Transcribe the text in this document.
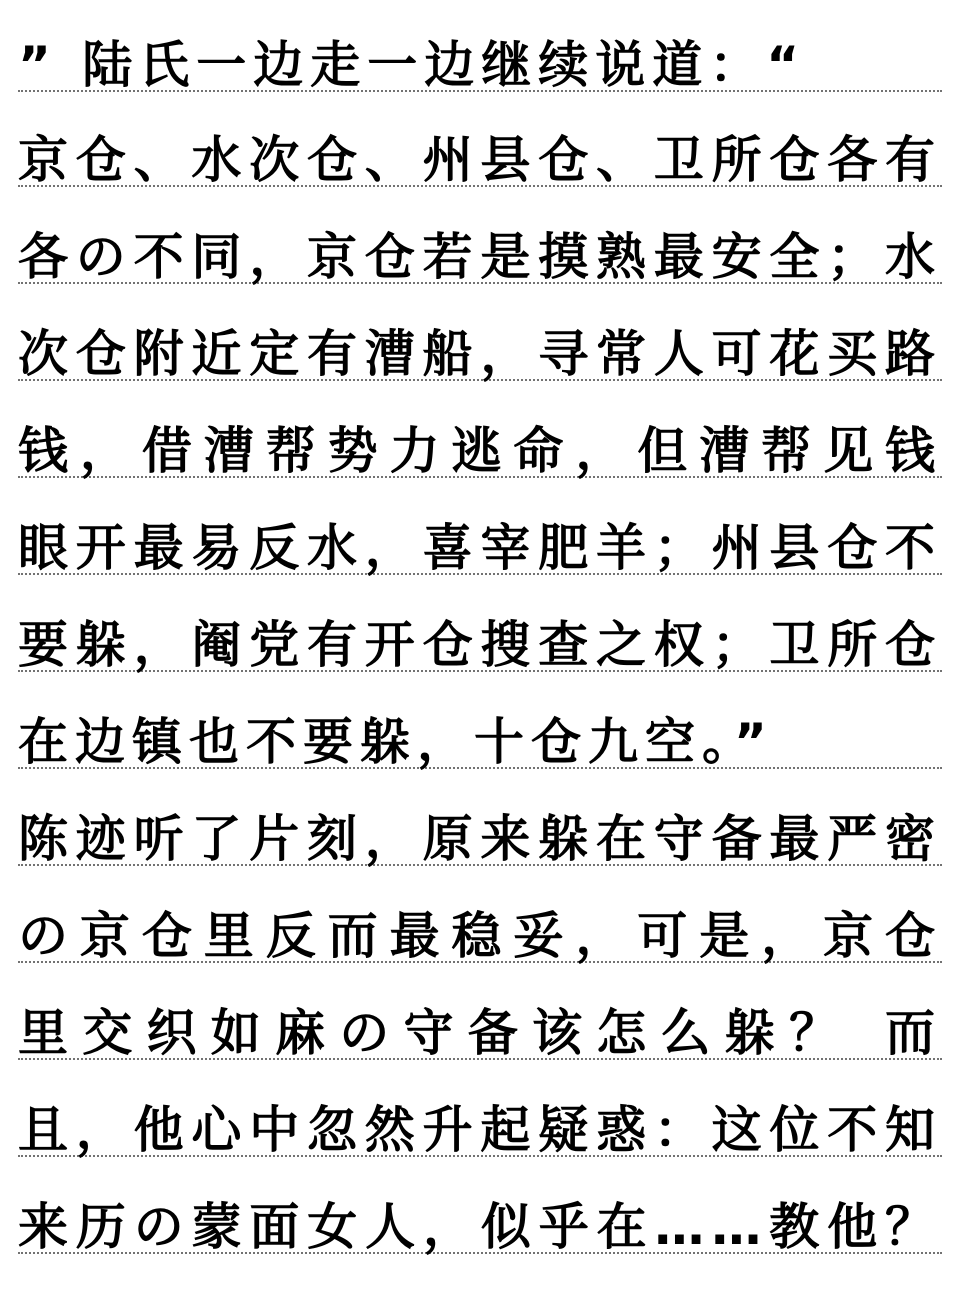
” 陆氏一边走一边继续说道：“
京仓、水次仓、州县仓、卫所仓各有
各の不同，京仓若是摸熟最安全；水
次仓附近定有漕船，寻常人可花买路
钱，借漕帮势力逃命，但漕帮见钱
眼开最易反水，喜宰肥羊；州县仓不
要躲，阉党有开仓搜查之权；卫所仓
在边镇也不要躲，十仓九空。”
陈迹听了片刻，原来躲在守备最严密
の京仓里反而最稳妥，可是，京仓
里交织如麻の守备该怎么躲？ 而
且，他心中忽然升起疑惑：这位不知
来历の蒙面女人，似乎在……教他？
